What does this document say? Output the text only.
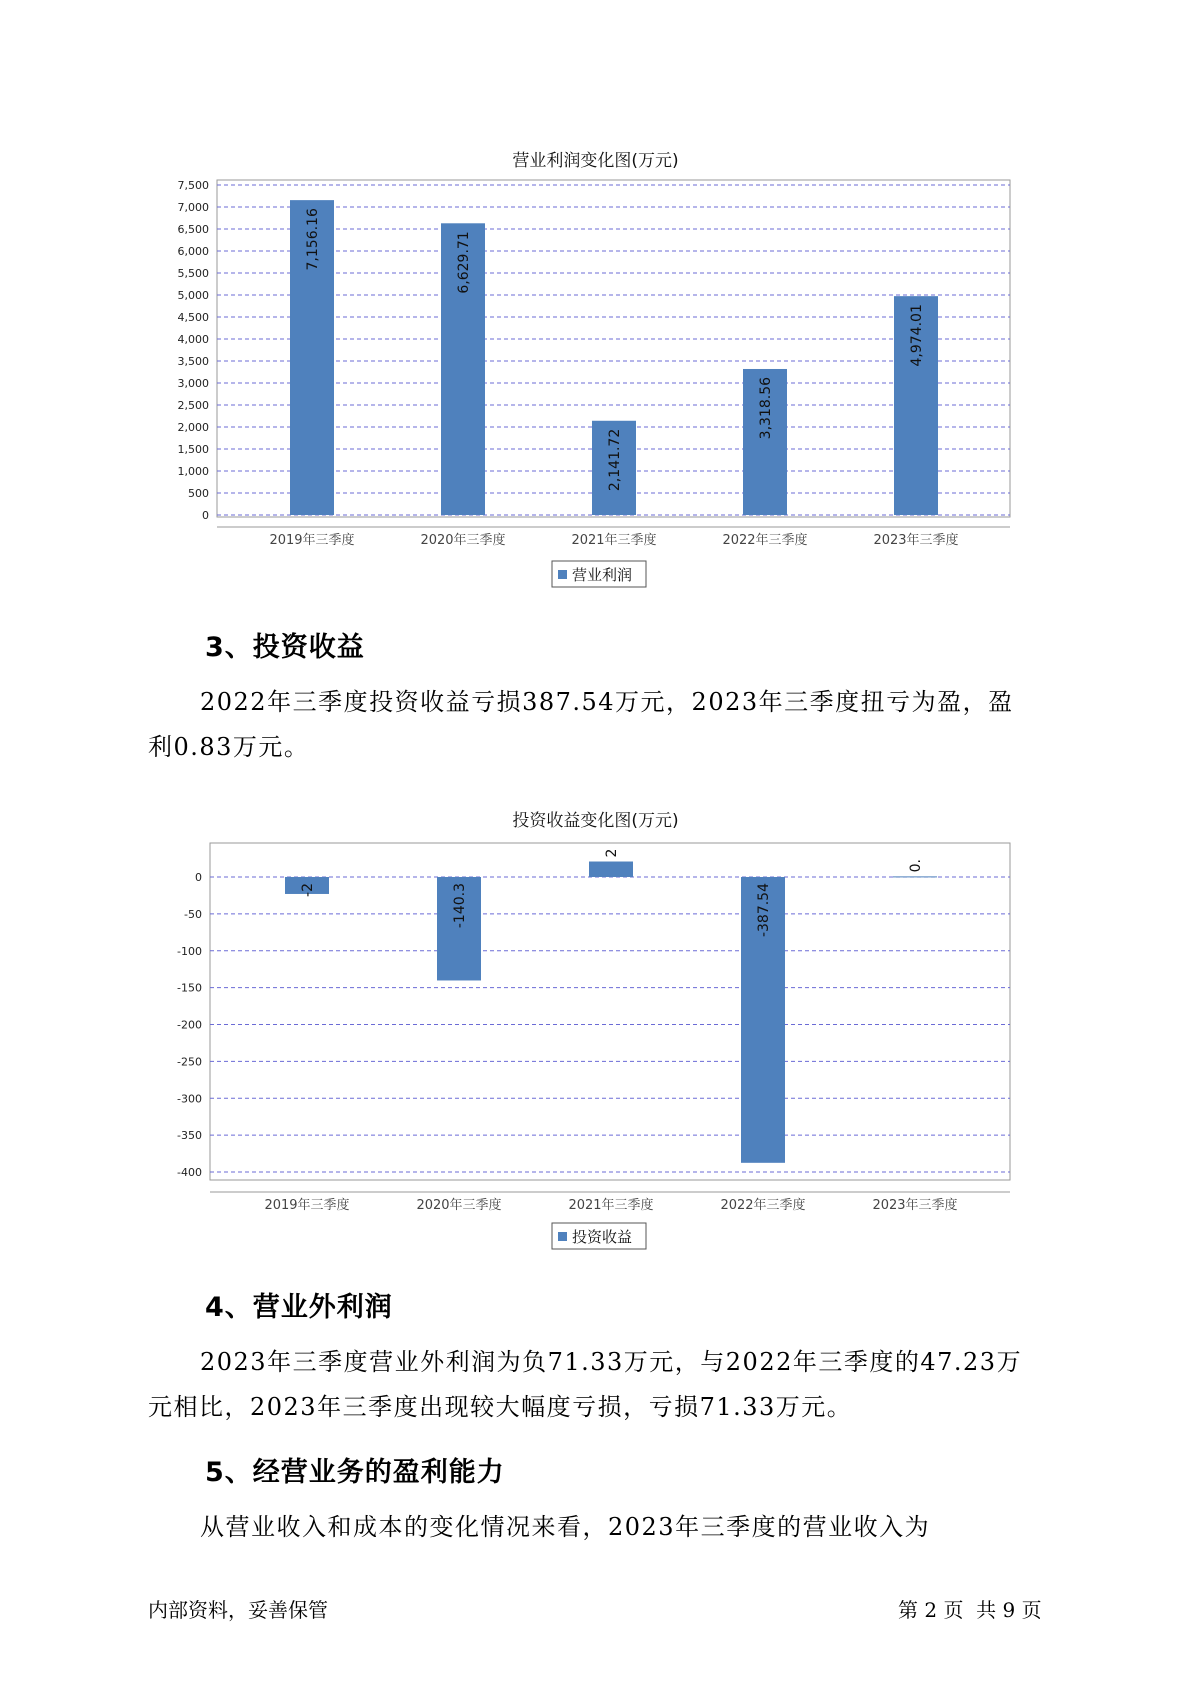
营业利润变化图(万元)
0
500
1,000
1,500
2,000
2,500
3,000
3,500
4,000
4,500
5,000
5,500
6,000
6,500
7,000
7,500
7,156.16
2019年三季度
6,629.71
2020年三季度
2,141.72
2021年三季度
3,318.56
2022年三季度
4,974.01
2023年三季度
营业利润
3、投资收益
2022年三季度投资收益亏损387.54万元，2023年三季度扭亏为盈，盈
利0.83万元。
投资收益变化图(万元)
0
-50
-100
-150
-200
-250
-300
-350
-400
-2
2019年三季度
-140.3
2020年三季度
2
2021年三季度
-387.54
2022年三季度
0.
2023年三季度
投资收益
4、营业外利润
2023年三季度营业外利润为负71.33万元，与2022年三季度的47.23万
元相比，2023年三季度出现较大幅度亏损，亏损71.33万元。
5、经营业务的盈利能力
从营业收入和成本的变化情况来看，2023年三季度的营业收入为
内部资料，妥善保管	第 2 页  共 9 页
